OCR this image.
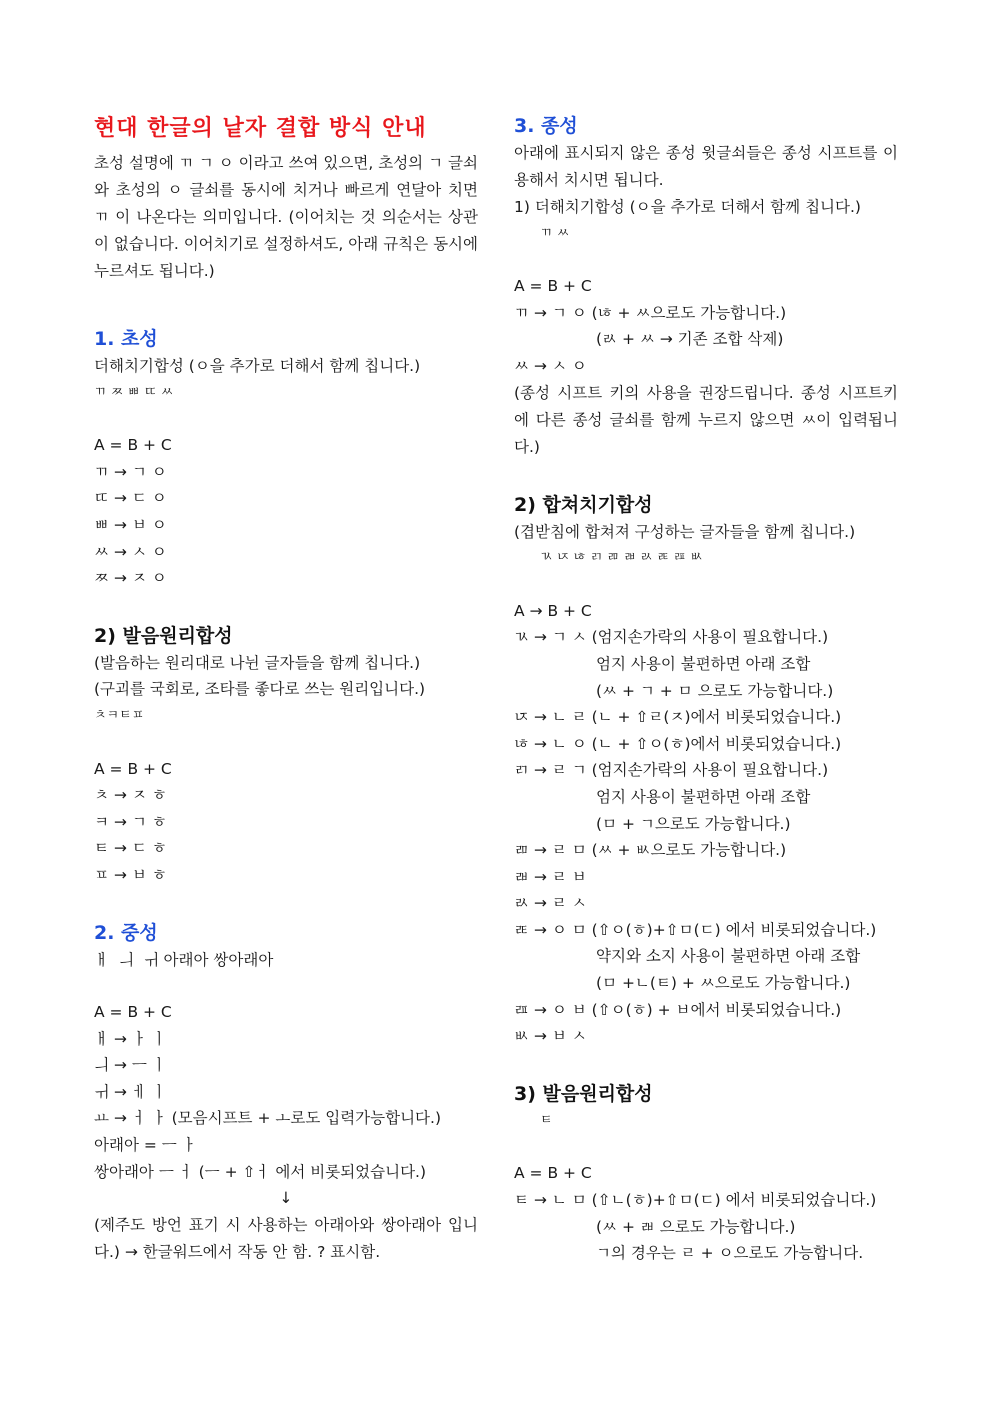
현대 한글의 낱자 결합 방식 안내

초성 설명에 ㄲ ㄱ ㅇ 이라고 쓰여 있으면, 초성의 ㄱ 글쇠와 초성의 ㅇ 글쇠를 동시에 치거나 빠르게 연달아 치면 ㄲ 이 나온다는 의미입니다. (이어치는 것 의순서는 상관이 없습니다. 이어치기로 설정하셔도, 아래 규칙은 동시에 누르셔도 됩니다.)

1. 초성

더해치기합성 (ㅇ을 추가로 더해서 함께 칩니다.)

ㄲ ㅉ ㅃ ㄸ ㅆ

A = B + C

ㄲ → ㄱ ㅇ

ㄸ → ㄷ ㅇ

ㅃ → ㅂ ㅇ

ㅆ → ㅅ ㅇ

ㅉ → ㅈ ㅇ

2) 발음원리합성

(발음하는 원리대로 나뉜 글자들을 함께 칩니다.)

(구괴를 국회로, 조타를 좋다로 쓰는 원리입니다.)

ㅊㅋㅌㅍ

A = B + C

ㅊ → ㅈ ㅎ

ㅋ → ㄱ ㅎ

ㅌ → ㄷ ㅎ

ㅍ → ㅂ ㅎ

2. 중성

ㅐ  ㅢ  ㅟ 아래아 쌍아래아

A = B + C

ㅐ → ㅏ ㅣ

ㅢ → ㅡ ㅣ

ㅟ → ㅔ ㅣ

ㅛ → ㅓ ㅏ (모음시프트 + ㅗ로도 입력가능합니다.)

아래아 = ㅡ ㅏ

쌍아래아 ㅡ ㅓ (ㅡ + ⇧ㅓ 에서 비롯되었습니다.)

↓

(제주도 방언 표기 시 사용하는 아래아와 쌍아래아 입니다.) → 한글워드에서 작동 안 함. ? 표시함.

3. 종성

아래에 표시되지 않은 종성 윗글쇠들은 종성 시프트를 이용해서 치시면 됩니다.

1) 더해치기합성 (ㅇ을 추가로 더해서 함께 칩니다.)

ㄲ ㅆ

A = B + C

ㄲ → ㄱ ㅇ (ㄶ + ㅆ으로도 가능합니다.)

(ㄽ + ㅆ → 기존 조합 삭제)

ㅆ → ㅅ ㅇ

(종성 시프트 키의 사용을 권장드립니다. 종성 시프트키에 다른 종성 글쇠를 함께 누르지 않으면 ㅆ이 입력됩니다.)

2) 합쳐치기합성

(겹받침에 합쳐져 구성하는 글자들을 함께 칩니다.)

ㄳ ㄵ ㄶ ㄺ ㄻ ㄼ ㄽ ㄾ ㄿ ㅄ

A → B + C

ㄳ → ㄱ ㅅ (엄지손가락의 사용이 필요합니다.)

엄지 사용이 불편하면 아래 조합

(ㅆ + ㄱ + ㅁ 으로도 가능합니다.)

ㄵ → ㄴ ㄹ (ㄴ + ⇧ㄹ(ㅈ)에서 비롯되었습니다.)

ㄶ → ㄴ ㅇ (ㄴ + ⇧ㅇ(ㅎ)에서 비롯되었습니다.)

ㄺ → ㄹ ㄱ (엄지손가락의 사용이 필요합니다.)

엄지 사용이 불편하면 아래 조합

(ㅁ + ㄱ으로도 가능합니다.)

ㄻ → ㄹ ㅁ (ㅆ + ㅄ으로도 가능합니다.)

ㄼ → ㄹ ㅂ

ㄽ → ㄹ ㅅ

ㄾ → ㅇ ㅁ (⇧ㅇ(ㅎ)+⇧ㅁ(ㄷ) 에서 비롯되었습니다.)

약지와 소지 사용이 불편하면 아래 조합

(ㅁ +ㄴ(ㅌ) + ㅆ으로도 가능합니다.)

ㄿ → ㅇ ㅂ (⇧ㅇ(ㅎ) + ㅂ에서 비롯되었습니다.)

ㅄ → ㅂ ㅅ

3) 발음원리합성

ㅌ

A = B + C

ㅌ → ㄴ ㅁ (⇧ㄴ(ㅎ)+⇧ㅁ(ㄷ) 에서 비롯되었습니다.)

(ㅆ + ㄼ 으로도 가능합니다.)

ㄱ의 경우는 ㄹ + ㅇ으로도 가능합니다.
